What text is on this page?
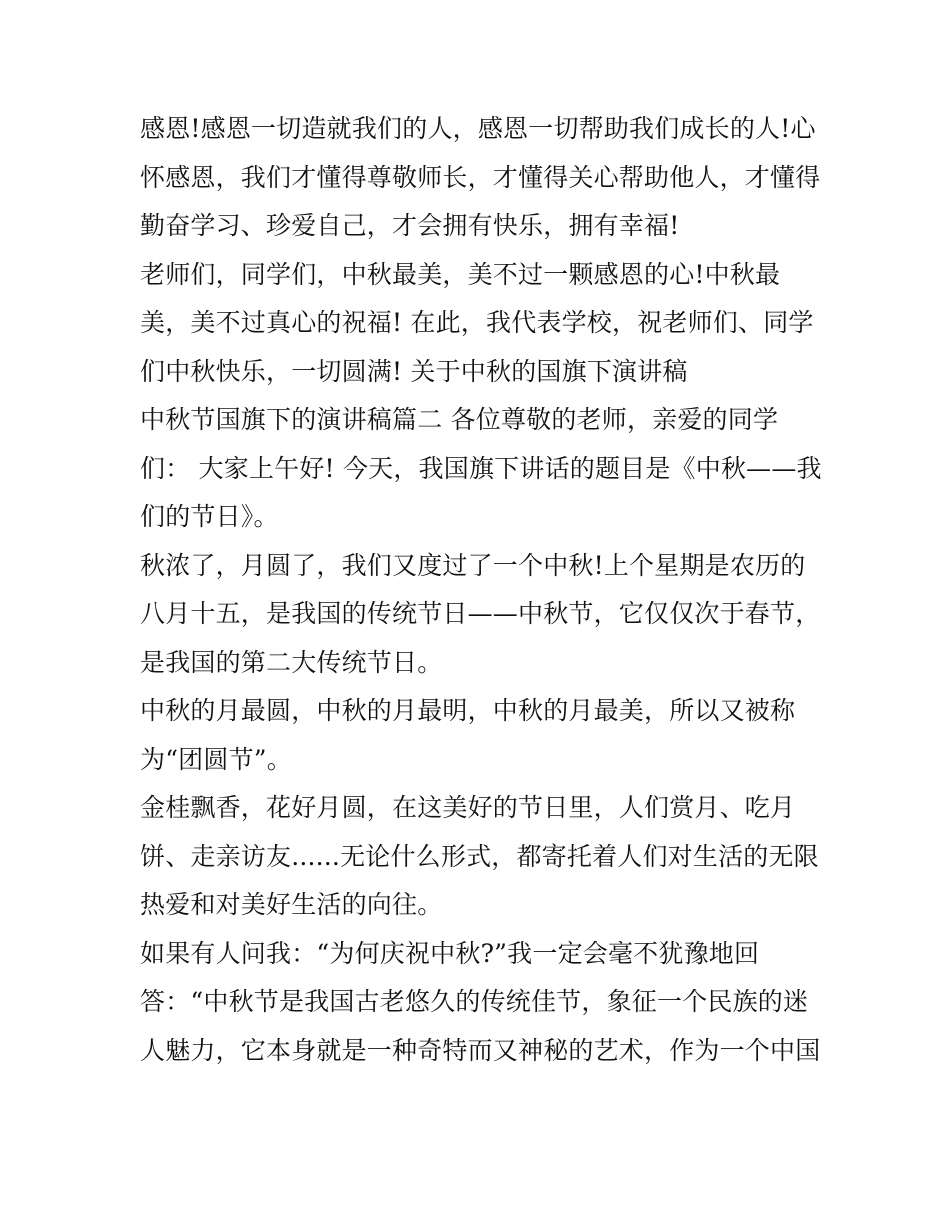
感恩!感恩一切造就我们的人，感恩一切帮助我们成长的人!心
怀感恩，我们才懂得尊敬师长，才懂得关心帮助他人，才懂得
勤奋学习、珍爱自己，才会拥有快乐，拥有幸福!
老师们，同学们，中秋最美，美不过一颗感恩的心!中秋最
美，美不过真心的祝福! 在此，我代表学校，祝老师们、同学
们中秋快乐，一切圆满! 关于中秋的国旗下演讲稿
中秋节国旗下的演讲稿篇二 各位尊敬的老师，亲爱的同学
们： 大家上午好! 今天，我国旗下讲话的题目是《中秋——我
们的节日》。
秋浓了，月圆了，我们又度过了一个中秋!上个星期是农历的
八月十五，是我国的传统节日——中秋节，它仅仅次于春节，
是我国的第二大传统节日。
中秋的月最圆，中秋的月最明，中秋的月最美，所以又被称
为“团圆节”。
金桂飘香，花好月圆，在这美好的节日里，人们赏月、吃月
饼、走亲访友......无论什么形式，都寄托着人们对生活的无限
热爱和对美好生活的向往。
如果有人问我：“为何庆祝中秋?”我一定会毫不犹豫地回
答：“中秋节是我国古老悠久的传统佳节，象征一个民族的迷
人魅力，它本身就是一种奇特而又神秘的艺术，作为一个中国
